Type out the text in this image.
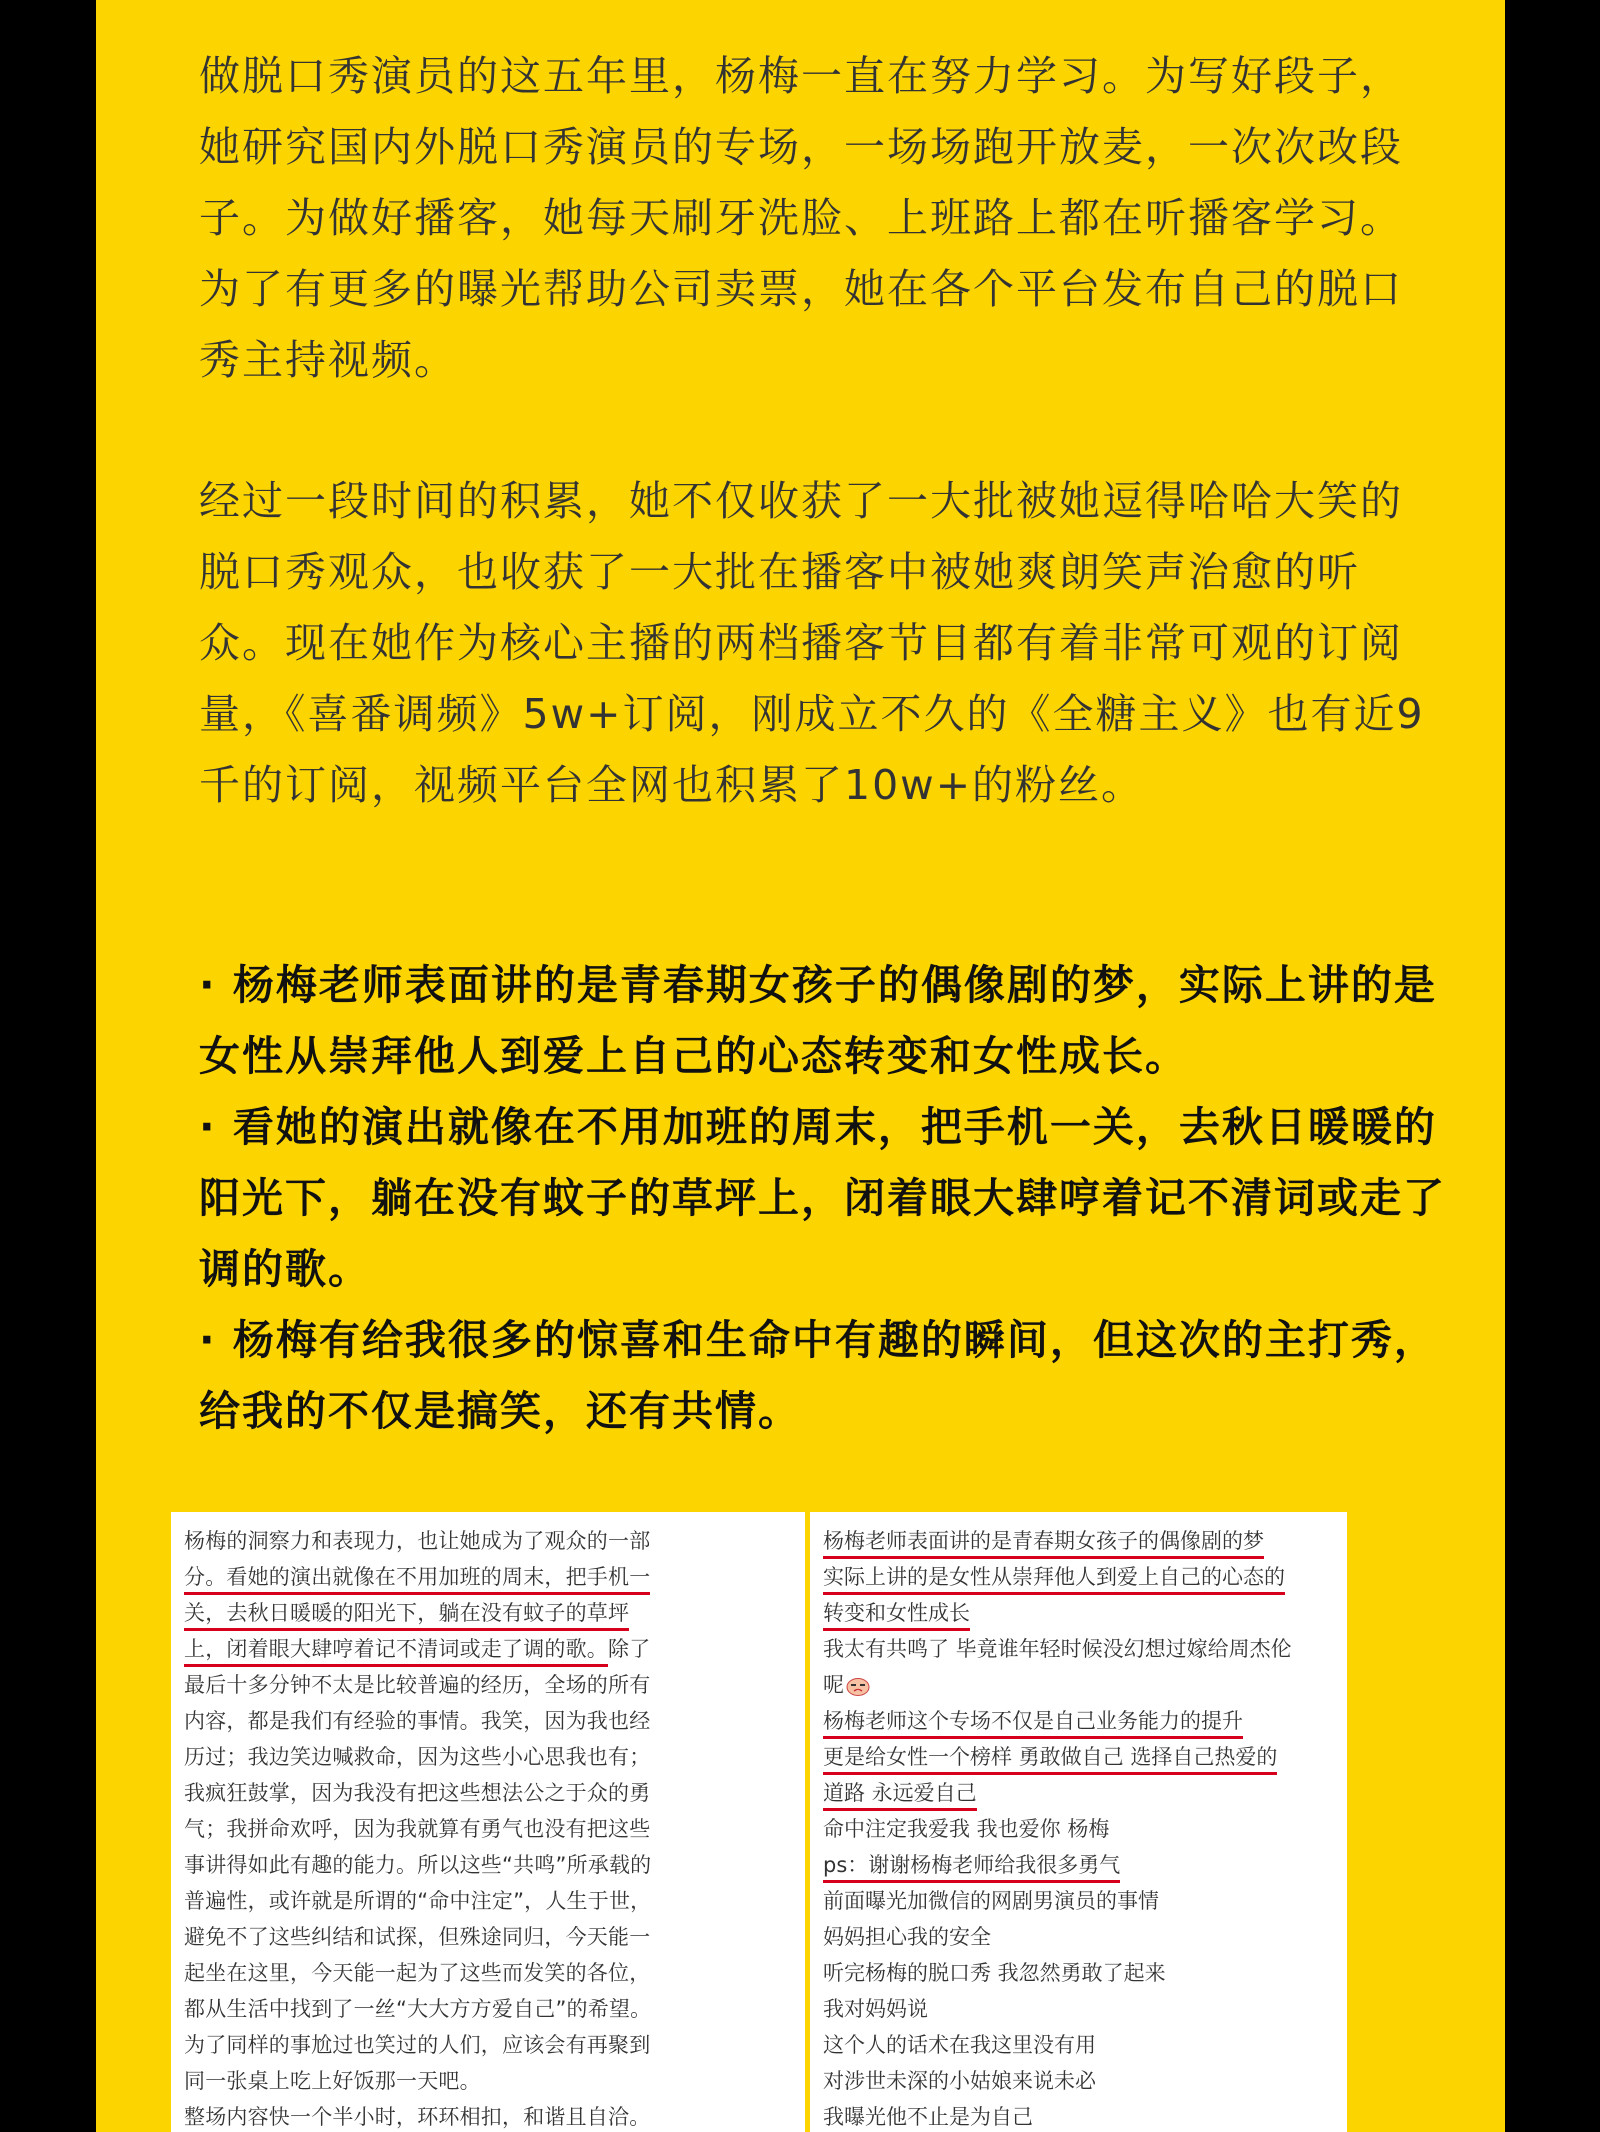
做脱口秀演员的这五年里，杨梅一直在努力学习。为写好段子，她研究国内外脱口秀演员的专场，一场场跑开放麦，一次次改段子。为做好播客，她每天刷牙洗脸、上班路上都在听播客学习。为了有更多的曝光帮助公司卖票，她在各个平台发布自己的脱口秀主持视频。
经过一段时间的积累，她不仅收获了一大批被她逗得哈哈大笑的脱口秀观众，也收获了一大批在播客中被她爽朗笑声治愈的听众。现在她作为核心主播的两档播客节目都有着非常可观的订阅量，《喜番调频》5w+订阅，刚成立不久的《全糖主义》也有近9千的订阅，视频平台全网也积累了10w+的粉丝。

· 杨梅老师表面讲的是青春期女孩子的偶像剧的梦，实际上讲的是女性从崇拜他人到爱上自己的心态转变和女性成长。

· 看她的演出就像在不用加班的周末，把手机一关，去秋日暖暖的阳光下，躺在没有蚊子的草坪上，闭着眼大肆哼着记不清词或走了调的歌。

· 杨梅有给我很多的惊喜和生命中有趣的瞬间，但这次的主打秀，给我的不仅是搞笑，还有共情。

杨梅的洞察力和表现力，也让她成为了观众的一部
分。看她的演出就像在不用加班的周末，把手机一
关，去秋日暖暖的阳光下，躺在没有蚊子的草坪
上，闭着眼大肆哼着记不清词或走了调的歌。除了
最后十多分钟不太是比较普遍的经历，全场的所有
内容，都是我们有经验的事情。我笑，因为我也经
历过；我边笑边喊救命，因为这些小心思我也有；
我疯狂鼓掌，因为我没有把这些想法公之于众的勇
气；我拼命欢呼，因为我就算有勇气也没有把这些
事讲得如此有趣的能力。所以这些“共鸣”所承载的
普遍性，或许就是所谓的“命中注定”，人生于世，
避免不了这些纠结和试探，但殊途同归，今天能一
起坐在这里，今天能一起为了这些而发笑的各位，
都从生活中找到了一丝“大大方方爱自己”的希望。
为了同样的事尬过也笑过的人们，应该会有再聚到
同一张桌上吃上好饭那一天吧。
整场内容快一个半小时，环环相扣，和谐且自洽。
杨梅老师表面讲的是青春期女孩子的偶像剧的梦
实际上讲的是女性从崇拜他人到爱上自己的心态的
转变和女性成长
我太有共鸣了 毕竟谁年轻时候没幻想过嫁给周杰伦
呢
杨梅老师这个专场不仅是自己业务能力的提升
更是给女性一个榜样 勇敢做自己 选择自己热爱的
道路 永远爱自己
命中注定我爱我 我也爱你 杨梅
ps：谢谢杨梅老师给我很多勇气
前面曝光加微信的网剧男演员的事情
妈妈担心我的安全
听完杨梅的脱口秀 我忽然勇敢了起来
我对妈妈说
这个人的话术在我这里没有用
对涉世未深的小姑娘来说未必
我曝光他不止是为自己
